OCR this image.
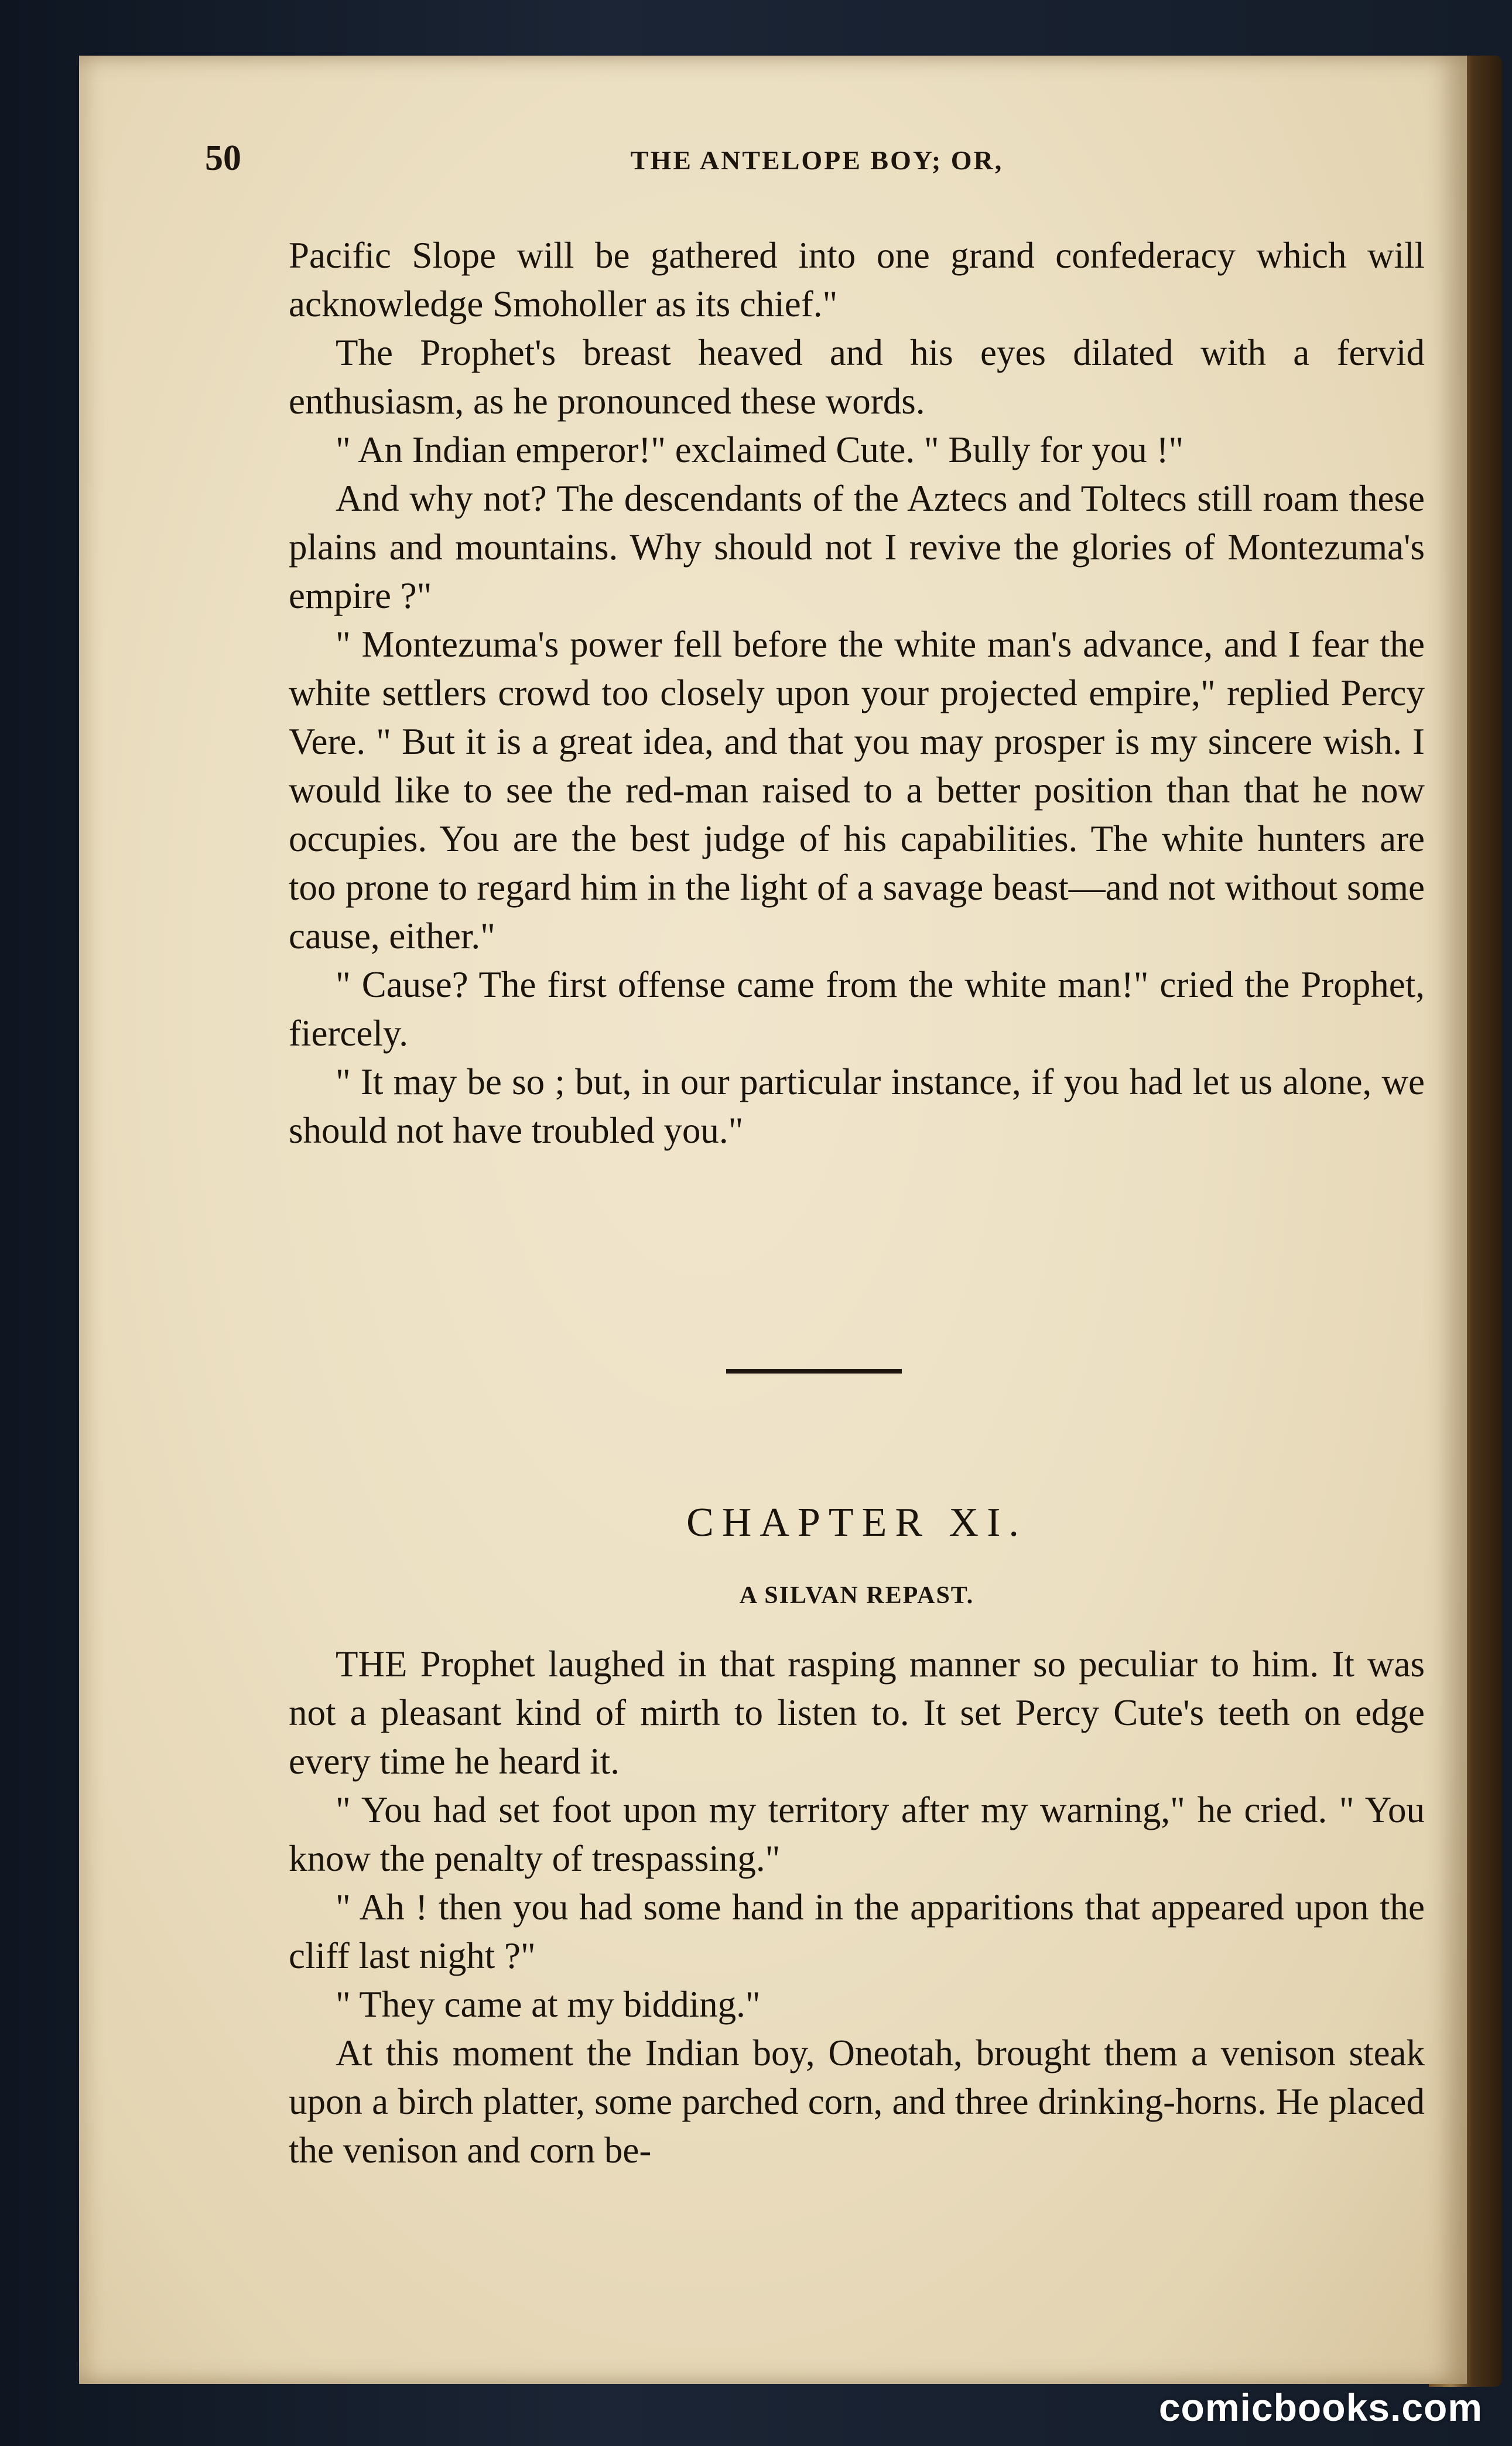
50	THE ANTELOPE BOY; OR,

Pacific Slope will be gathered into one grand confederacy which will acknowledge Smoholler as its chief."

The Prophet's breast heaved and his eyes dilated with a fervid enthusiasm, as he pronounced these words.

" An Indian emperor!" exclaimed Cute. " Bully for you !"

And why not? The descendants of the Aztecs and Toltecs still roam these plains and mountains. Why should not I revive the glories of Montezuma's empire ?"

" Montezuma's power fell before the white man's advance, and I fear the white settlers crowd too closely upon your projected empire," replied Percy Vere. " But it is a great idea, and that you may prosper is my sincere wish. I would like to see the red-man raised to a better position than that he now occupies. You are the best judge of his capabilities. The white hunters are too prone to regard him in the light of a savage beast—and not without some cause, either."

" Cause? The first offense came from the white man!" cried the Prophet, fiercely.

" It may be so ; but, in our particular instance, if you had let us alone, we should not have troubled you."

CHAPTER XI.
A SILVAN REPAST.

THE Prophet laughed in that rasping manner so peculiar to him. It was not a pleasant kind of mirth to listen to. It set Percy Cute's teeth on edge every time he heard it.

" You had set foot upon my territory after my warning," he cried. " You know the penalty of trespassing."

" Ah ! then you had some hand in the apparitions that appeared upon the cliff last night ?"

" They came at my bidding."

At this moment the Indian boy, Oneotah, brought them a venison steak upon a birch platter, some parched corn, and three drinking-horns. He placed the venison and corn be-

comicbooks.com
